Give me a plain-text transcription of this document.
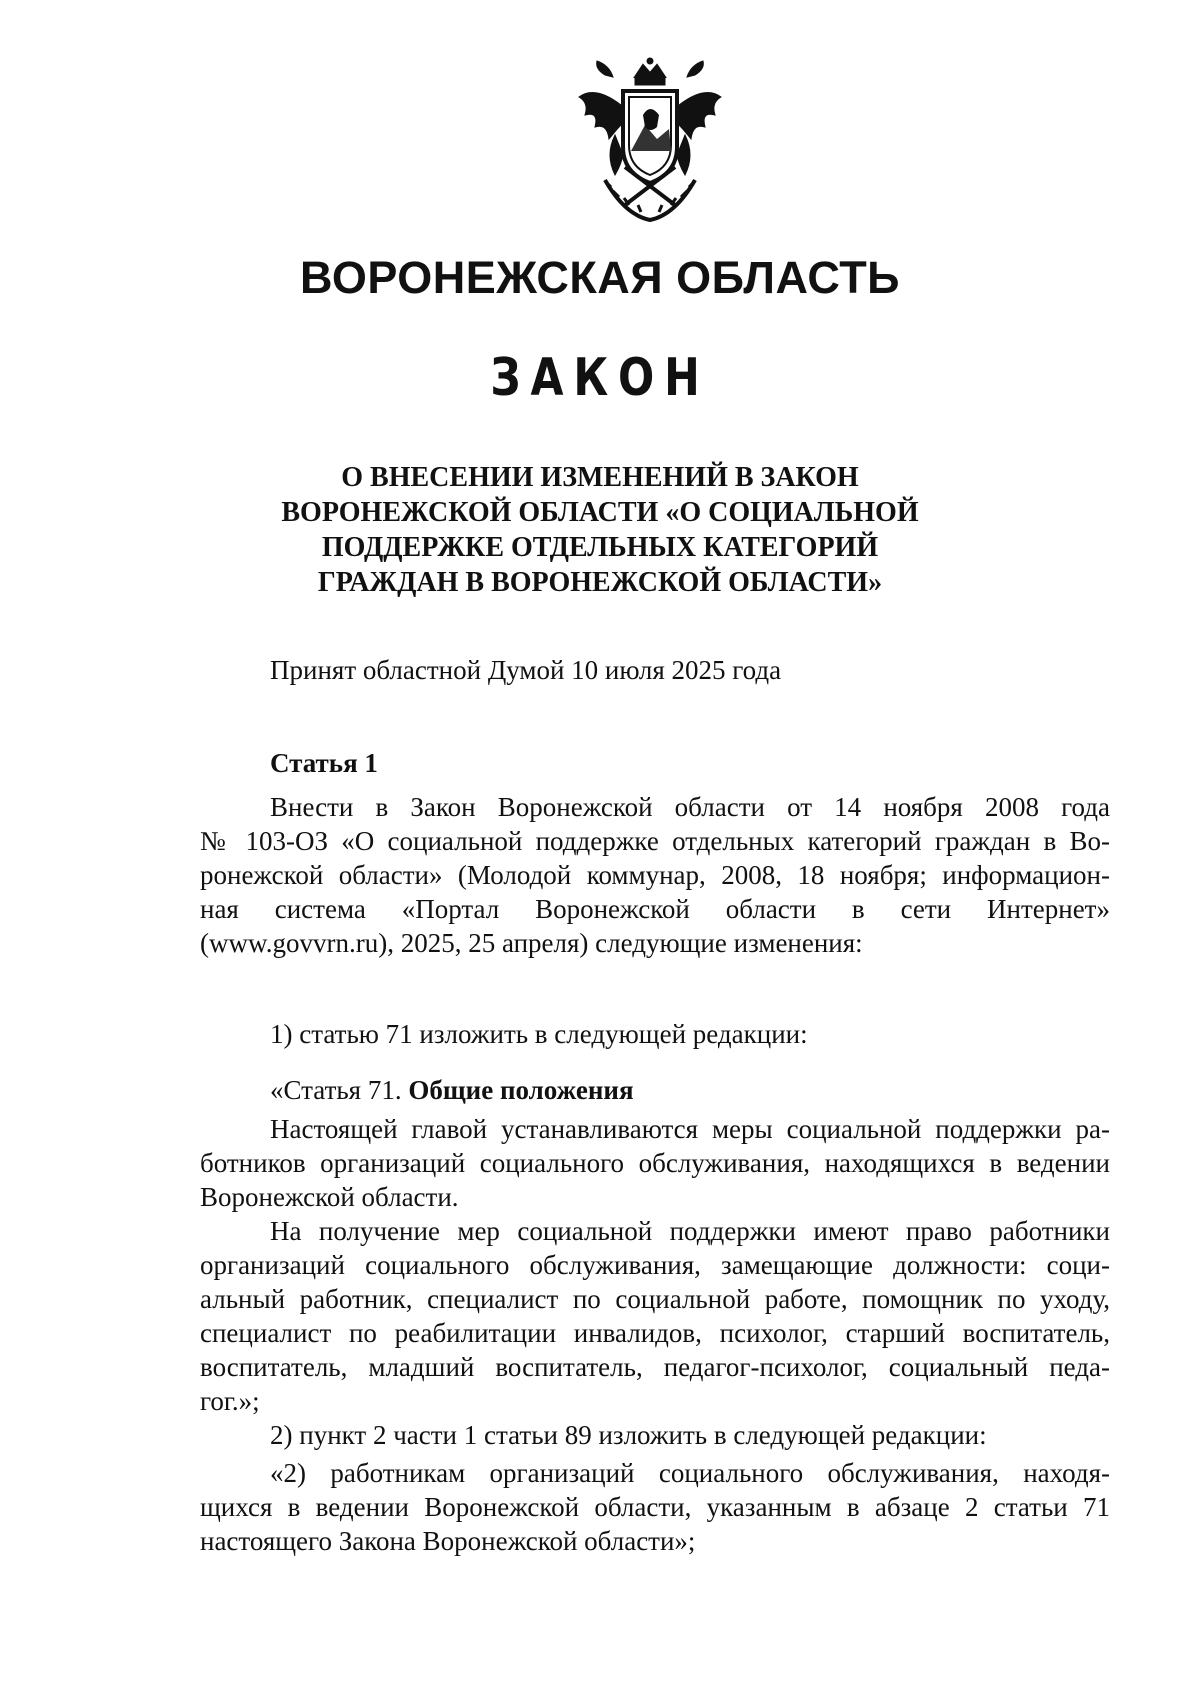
ВОРОНЕЖСКАЯ ОБЛАСТЬ
ЗАКОН
О ВНЕСЕНИИ ИЗМЕНЕНИЙ В ЗАКОН
ВОРОНЕЖСКОЙ ОБЛАСТИ «О СОЦИАЛЬНОЙ
ПОДДЕРЖКЕ ОТДЕЛЬНЫХ КАТЕГОРИЙ
ГРАЖДАН В ВОРОНЕЖСКОЙ ОБЛАСТИ»

Принят областной Думой 10 июля 2025 года

Статья 1

Внести в Закон Воронежской области от 14 ноября 2008 года
№ 103-ОЗ «О социальной поддержке отдельных категорий граждан в Во-
ронежской области» (Молодой коммунар, 2008, 18 ноября; информацион-
ная система «Портал Воронежской области в сети Интернет»
(www.govvrn.ru), 2025, 25 апреля) следующие изменения:

1) статью 71 изложить в следующей редакции:

«Статья 71. Общие положения

Настоящей главой устанавливаются меры социальной поддержки ра-
ботников организаций социального обслуживания, находящихся в ведении
Воронежской области.
На получение мер социальной поддержки имеют право работники
организаций социального обслуживания, замещающие должности: соци-
альный работник, специалист по социальной работе, помощник по уходу,
специалист по реабилитации инвалидов, психолог, старший воспитатель,
воспитатель, младший воспитатель, педагог-психолог, социальный педа-
гог.»;

2) пункт 2 части 1 статьи 89 изложить в следующей редакции:

«2) работникам организаций социального обслуживания, находя-
щихся в ведении Воронежской области, указанным в абзаце 2 статьи 71
настоящего Закона Воронежской области»;
